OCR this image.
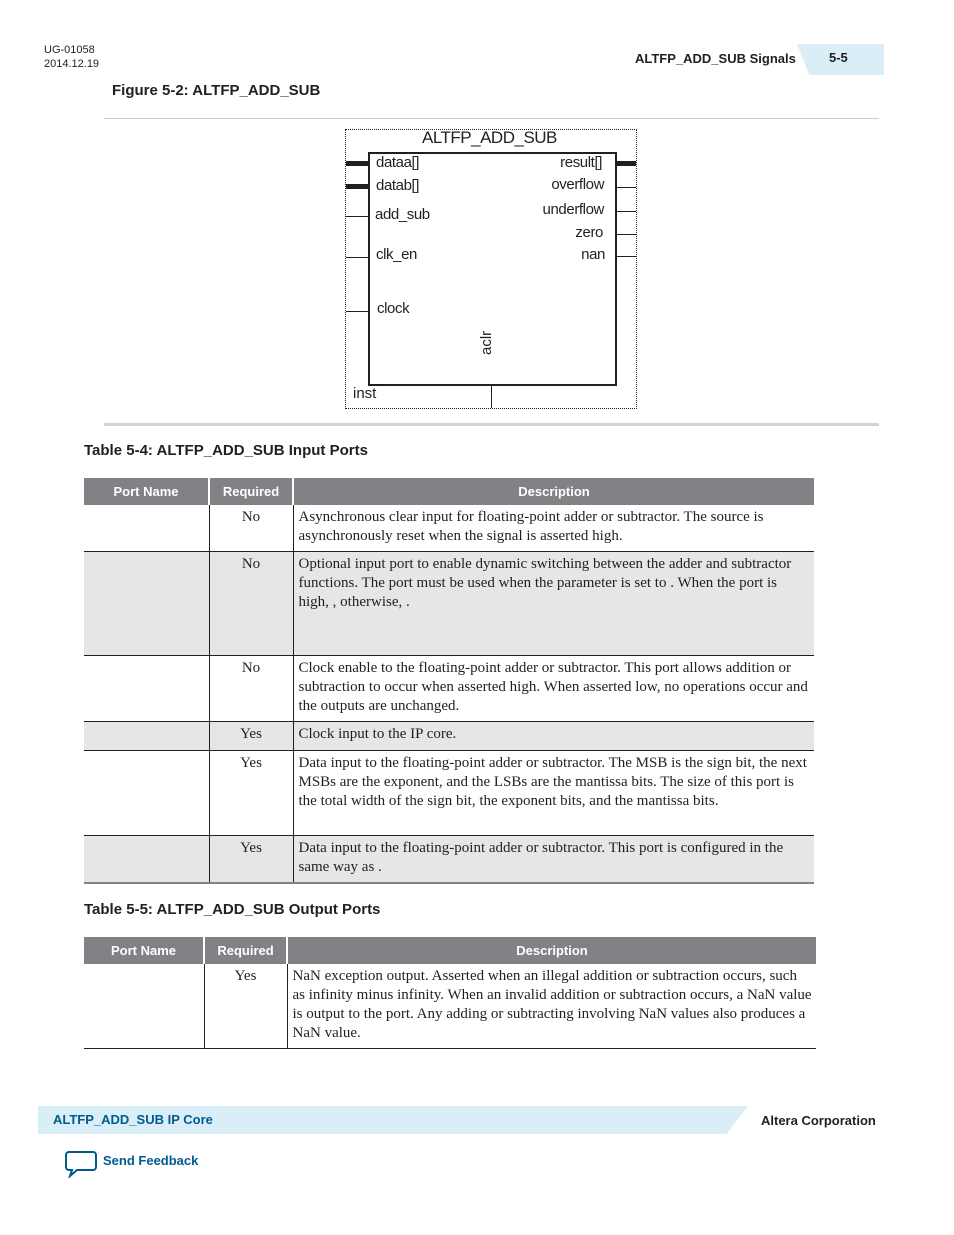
UG-01058
2014.12.19	ALTFP_ADD_SUB Signals	5-5
Figure 5-2: ALTFP_ADD_SUB
ALTFP_ADD_SUB
dataa[]
datab[]
add_sub
clk_en
clock
result[]
overflow
underflow
zero
nan
aclr
inst
Table 5-4: ALTFP_ADD_SUB Input Ports
Port Name	Required	Description
	No	Asynchronous clear input for floating-point adder or subtractor. The source is asynchronously reset when the signal is asserted high.
	No	Optional input port to enable dynamic switching between the adder and subtractor functions. The port must be used when the parameter is set to . When the port is high, , otherwise, .
	No	Clock enable to the floating-point adder or subtractor. This port allows addition or subtraction to occur when asserted high. When asserted low, no operations occur and the outputs are unchanged.
	Yes	Clock input to the IP core.
	Yes	Data input to the floating-point adder or subtractor. The MSB is the sign bit, the next MSBs are the exponent, and the LSBs are the mantissa bits. The size of this port is the total width of the sign bit, the exponent bits, and the mantissa bits.
	Yes	Data input to the floating-point adder or subtractor. This port is configured in the same way as .
Table 5-5: ALTFP_ADD_SUB Output Ports
Port Name	Required	Description
	Yes	NaN exception output. Asserted when an illegal addition or subtraction occurs, such as infinity minus infinity. When an invalid addition or subtraction occurs, a NaN value is output to the port. Any adding or subtracting involving NaN values also produces a NaN value.
ALTFP_ADD_SUB IP Core	Altera Corporation
Send Feedback
